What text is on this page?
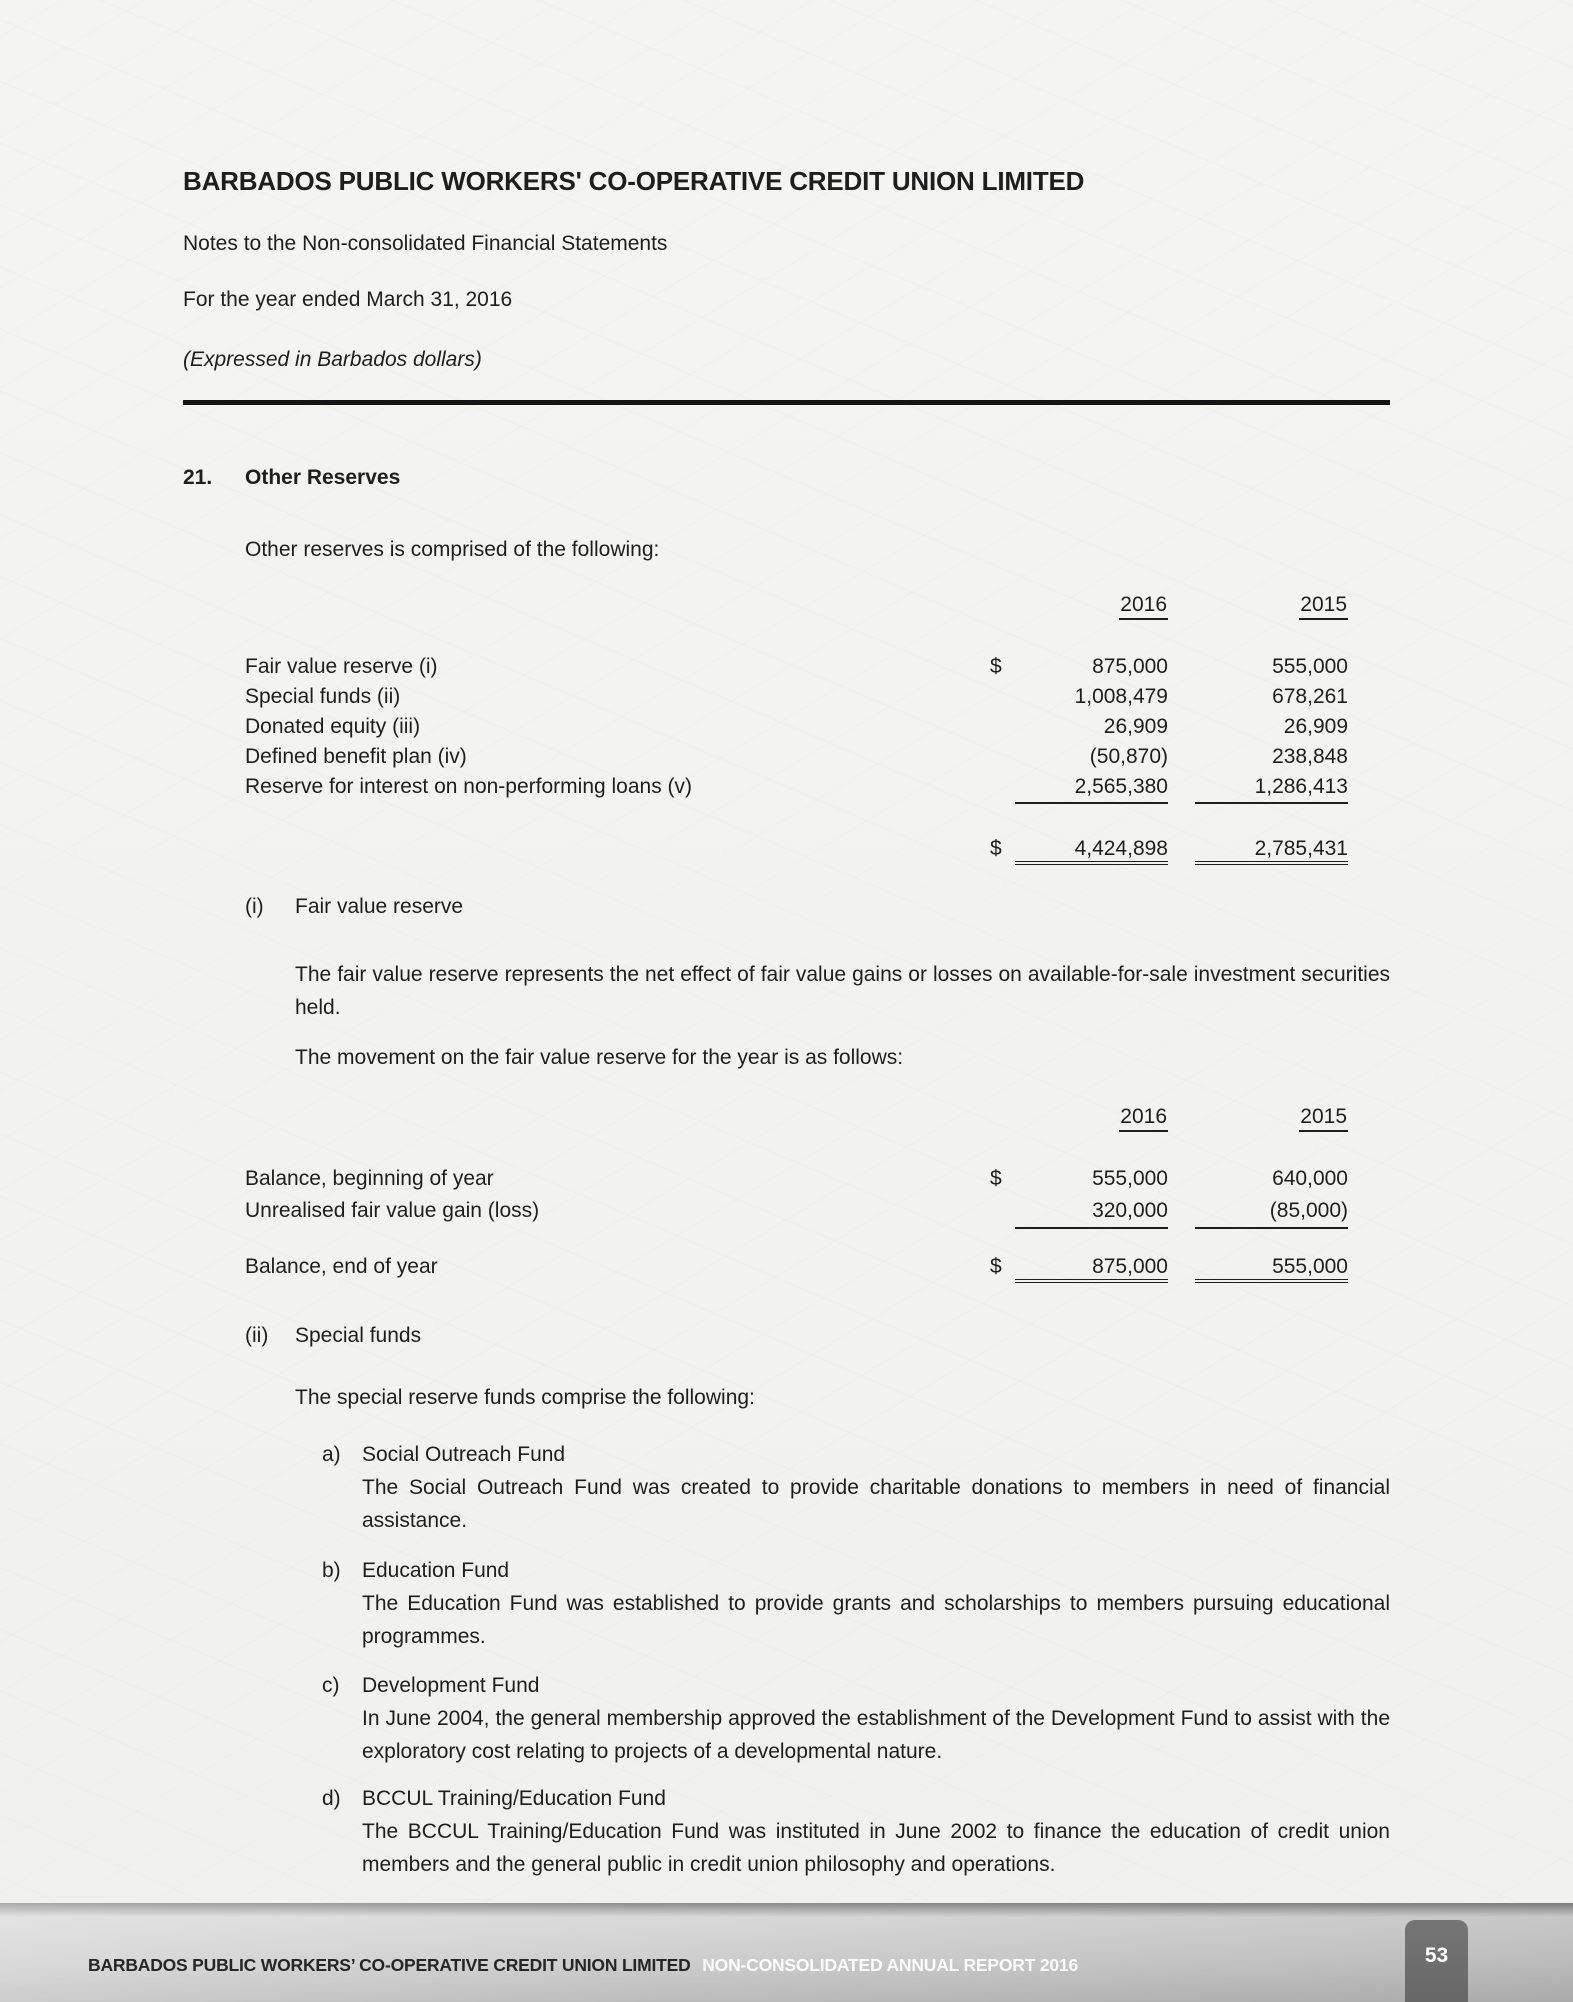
BARBADOS PUBLIC WORKERS' CO-OPERATIVE CREDIT UNION LIMITED
Notes to the Non-consolidated Financial Statements
For the year ended March 31, 2016
(Expressed in Barbados dollars)
21.	Other Reserves
Other reserves is comprised of the following:
2016	2015
Fair value reserve (i)	$	875,000	555,000
Special funds (ii)	1,008,479	678,261
Donated equity (iii)	26,909	26,909
Defined benefit plan (iv)	(50,870)	238,848
Reserve for interest on non-performing loans (v)	2,565,380	1,286,413
$	4,424,898	2,785,431
(i)	Fair value reserve
The fair value reserve represents the net effect of fair value gains or losses on available-for-sale investment securities held.
The movement on the fair value reserve for the year is as follows:
2016	2015
Balance, beginning of year	$	555,000	640,000
Unrealised fair value gain (loss)	320,000	(85,000)
Balance, end of year	$	875,000	555,000
(ii)	Special funds
The special reserve funds comprise the following:
a) Social Outreach Fund
The Social Outreach Fund was created to provide charitable donations to members in need of financial assistance.
b) Education Fund
The Education Fund was established to provide grants and scholarships to members pursuing educational programmes.
c) Development Fund
In June 2004, the general membership approved the establishment of the Development Fund to assist with the exploratory cost relating to projects of a developmental nature.
d) BCCUL Training/Education Fund
The BCCUL Training/Education Fund was instituted in June 2002 to finance the education of credit union members and the general public in credit union philosophy and operations.
BARBADOS PUBLIC WORKERS’ CO-OPERATIVE CREDIT UNION LIMITED NON-CONSOLIDATED ANNUAL REPORT 2016	53
